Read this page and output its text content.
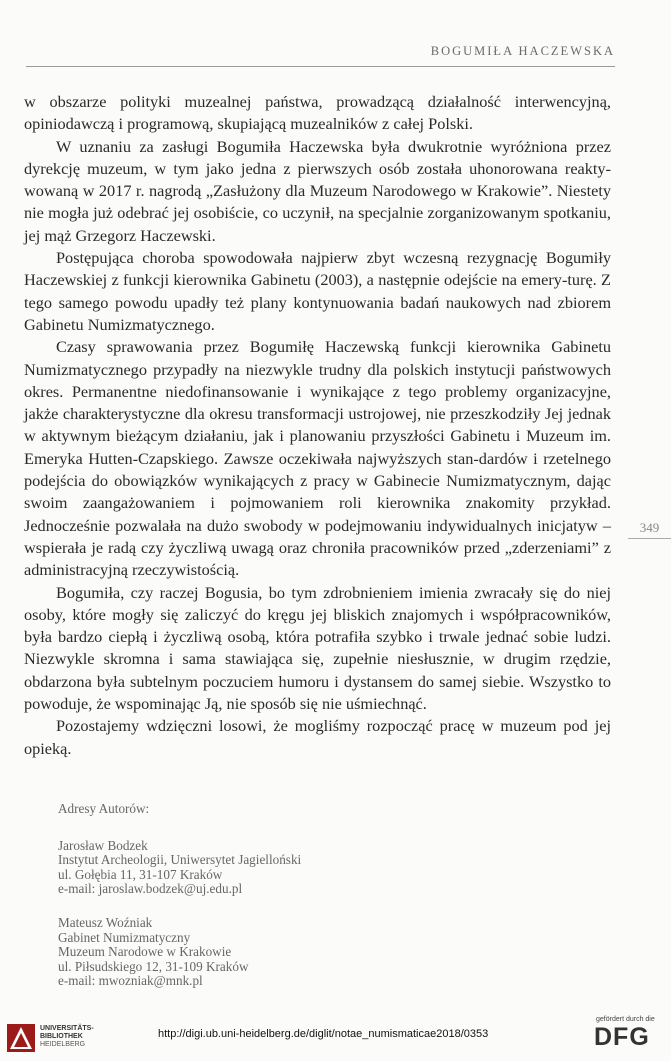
BOGUMIŁA HACZEWSKA

w obszarze polityki muzealnej państwa, prowadzącą działalność interwencyjną, opiniodawczą i programową, skupiającą muzealników z całej Polski.

W uznaniu za zasługi Bogumiła Haczewska była dwukrotnie wyróżniona przez dyrekcję muzeum, w tym jako jedna z pierwszych osób została uhonorowana reakty-wowaną w 2017 r. nagrodą „Zasłużony dla Muzeum Narodowego w Krakowie”. Niestety nie mogła już odebrać jej osobiście, co uczynił, na specjalnie zorganizowanym spotkaniu, jej mąż Grzegorz Haczewski.

Postępująca choroba spowodowała najpierw zbyt wczesną rezygnację Bogumiły Haczewskiej z funkcji kierownika Gabinetu (2003), a następnie odejście na emery-turę. Z tego samego powodu upadły też plany kontynuowania badań naukowych nad zbiorem Gabinetu Numizmatycznego.

Czasy sprawowania przez Bogumiłę Haczewską funkcji kierownika Gabinetu Numizmatycznego przypadły na niezwykle trudny dla polskich instytucji państwowych okres. Permanentne niedofinansowanie i wynikające z tego problemy organizacyjne, jakże charakterystyczne dla okresu transformacji ustrojowej, nie przeszkodziły Jej jednak w aktywnym bieżącym działaniu, jak i planowaniu przyszłości Gabinetu i Muzeum im. Emeryka Hutten-Czapskiego. Zawsze oczekiwała najwyższych stan-dardów i rzetelnego podejścia do obowiązków wynikających z pracy w Gabinecie Numizmatycznym, dając swoim zaangażowaniem i pojmowaniem roli kierownika znakomity przykład. Jednocześnie pozwalała na dużo swobody w podejmowaniu indywidualnych inicjatyw – wspierała je radą czy życzliwą uwagą oraz chroniła pracowników przed „zderzeniami” z administracyjną rzeczywistością.

Bogumiła, czy raczej Bogusia, bo tym zdrobnieniem imienia zwracały się do niej osoby, które mogły się zaliczyć do kręgu jej bliskich znajomych i współpracowników, była bardzo ciepłą i życzliwą osobą, która potrafiła szybko i trwale jednać sobie ludzi. Niezwykle skromna i sama stawiająca się, zupełnie niesłusznie, w drugim rzędzie, obdarzona była subtelnym poczuciem humoru i dystansem do samej siebie. Wszystko to powoduje, że wspominając Ją, nie sposób się nie uśmiechnąć.

Pozostajemy wdzięczni losowi, że mogliśmy rozpocząć pracę w muzeum pod jej opieką.

349
Adresy Autorów:
Jarosław Bodzek
Instytut Archeologii, Uniwersytet Jagielloński
ul. Gołębia 11, 31-107 Kraków
e-mail: jaroslaw.bodzek@uj.edu.pl
Mateusz Woźniak
Gabinet Numizmatyczny
Muzeum Narodowe w Krakowie
ul. Piłsudskiego 12, 31-109 Kraków
e-mail: mwozniak@mnk.pl
UNIVERSITÄTS-
BIBLIOTHEK
HEIDELBERG
http://digi.ub.uni-heidelberg.de/diglit/notae_numismaticae2018/0353
gefördert durch die
DFG
